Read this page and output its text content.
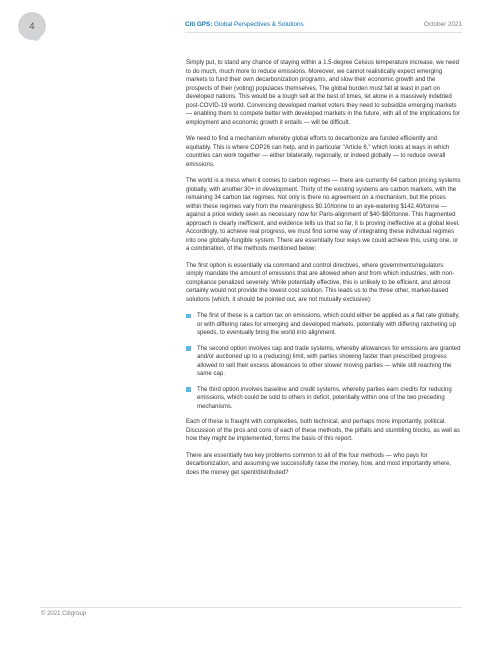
4	Citi GPS: Global Perspectives & Solutions	October 2021

Simply put, to stand any chance of staying within a 1.5-degree Celsius temperature increase, we need to do much, much more to reduce emissions. Moreover, we cannot realistically expect emerging markets to fund their own decarbonization programs, and slow their economic growth and the prospects of their (voting) populaces themselves. The global burden must fall at least in part on developed nations. This would be a tough sell at the best of times, let alone in a massively indebted post-COVID-19 world. Convincing developed market voters they need to subsidize emerging markets — enabling them to compete better with developed markets in the future, with all of the implications for employment and economic growth it entails — will be difficult.

We need to find a mechanism whereby global efforts to decarbonize are funded efficiently and equitably. This is where COP26 can help, and in particular "Article 6," which looks at ways in which countries can work together — either bilaterally, regionally, or indeed globally — to reduce overall emissions.

The world is a mess when it comes to carbon regimes — there are currently 64 carbon pricing systems globally, with another 30+ in development. Thirty of the existing systems are carbon markets, with the remaining 34 carbon tax regimes. Not only is there no agreement on a mechanism, but the prices within these regimes vary from the meaningless $0.10/tonne to an eye-watering $142.40/tonne — against a price widely seen as necessary now for Paris-alignment of $40-$80/tonne. This fragmented approach is clearly inefficient, and evidence tells us that so far, it is proving ineffective at a global level. Accordingly, to achieve real progress, we must find some way of integrating these individual regimes into one globally-fungible system. There are essentially four ways we could achieve this, using one, or a combination, of the methods mentioned below:

The first option is essentially via command and control directives, where governments/regulators simply mandate the amount of emissions that are allowed when and from which industries, with non-compliance penalized severely. While potentially effective, this is unlikely to be efficient, and almost certainly would not provide the lowest cost solution. This leads us to the three other, market-based solutions (which, it should be pointed out, are not mutually exclusive):

The first of these is a carbon tax on emissions, which could either be applied as a flat rate globally, or with differing rates for emerging and developed markets, potentially with differing ratcheting up speeds, to eventually bring the world into alignment.
The second option involves cap and trade systems, whereby allowances for emissions are granted and/or auctioned up to a (reducing) limit, with parties showing faster than prescribed progress allowed to sell their excess allowances to other slower moving parties — while still reaching the same cap.
The third option involves baseline and credit systems, whereby parties earn credits for reducing emissions, which could be sold to others in deficit, potentially within one of the two preceding mechanisms.

Each of these is fraught with complexities, both technical, and perhaps more importantly, political. Discussion of the pros and cons of each of these methods, the pitfalls and stumbling blocks, as well as how they might be implemented, forms the basis of this report.

There are essentially two key problems common to all of the four methods — who pays for decarbonization, and assuming we successfully raise the money, how, and most importantly where, does the money get spent/distributed?

© 2021 Citigroup
